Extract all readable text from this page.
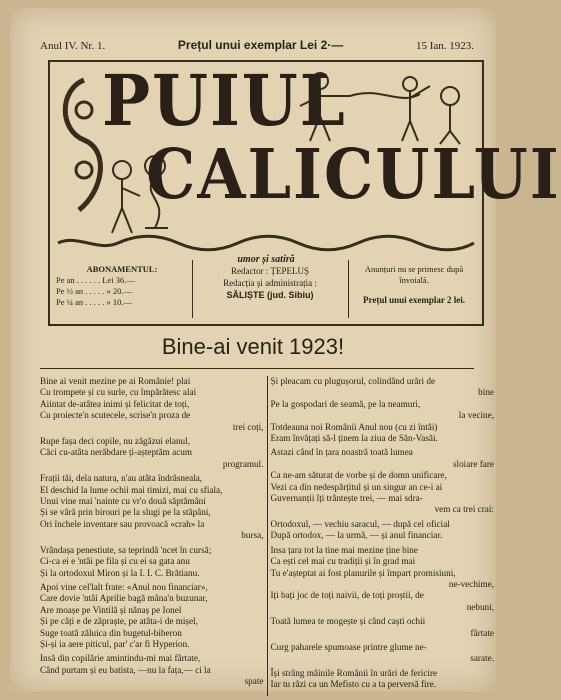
Anul IV. Nr. 1.	Prețul unui exemplar Lei 2·—	15 Ian. 1923.
PUIUL
CALICULUI
umor și satiră
ABONAMENTUL:
Pe an . . . . . . Lei 36.—
Pe ½ an . . . . . » 20.—
Pe ¼ an . . . . . » 10.—
Redactor : ȚEPELUȘ
Redacția și administrația :
SĂLIȘTE (jud. Sibiu)
Anunțuri nu se primesc după învoială.
Prețul unui exemplar 2 lei.
Bine-ai venit 1923!

Bine ai venit mezine pe ai Românie! plai
Cu trompete și cu surle, cu împărătesc alai
Aiintat de-atâtea inimi și felicitat de toți,
Cu proiecte'n scutecele, scrise'n proza de

trei coți,

Rupe fașa deci copile, nu zăgăzui elanul,
Căci cu-atâta nerăbdare ți-așteptăm acum

programul.

Frații tăi, dela natura, n'au atâta îndrăsneala,
El deschid la lume ochii mai timizi, mai cu sfiala,
Unui vine mai 'nainte cu vr'o două săptămâni
Și se vâră prin birouri pe la slugi pe la stăpâni,
Ori închele inventare sau provoacă «crah» la

bursa,

Vrândașa penestiute, sa teprindă 'ncet în cursă;
Ci-ca ei e 'ntâi pe fila și cu ei sa gata anu
Și la ortodoxul Miron și la I. I. C. Brătianu.

Apoi vine cel'lalt frate: «Anul nou financiar»,
Care dovie 'ntâi Aprilie bagă mâna'n buzunar,
Are moașe pe Vintilă și nănaș pe Ionel
Și pe câți e de zăpraște, pe atâta-i de mișel,
Suge toată zăluica din bugetul-biberon
Și-și ia aere piticul, par' c'ar fi Hyperion.

Insă din copilărie amintindu-mi mai fârtate,
Când purtam și eu batista, —nu la fața,— ci la

spate

Și pleacam cu plugușorul, colindând urări de

bine
Pe la gospodari de seamă, pe la neamuri,

la vecine,
Totdeauna noi Românii Anul nou (cu zi întâi)
Eram învățați să-l ținem la ziua de Săn-Vasăi.

Astazi când în țara noastră toată lumea

sloiare fare
Ca ne-am săturat de vorbe și de domn unificare,
Vezi ca din nedespărțitul și un singur an ce-i ai
Guvernanții îți trântește trei, — mai sdra-

vem ca trei crai:

Ortodoxul, — vechiu saracul, — după cel oficial
După ortodox, — la urmă, — și anul financiar.

Insa țara tot la tine mai mezine ține bine
Ca ești cel mai cu tradiții și în grad mai
Tu e'așteptat ai fost planurile și împart promisiuni,

ne-vechime,
Iți bați joc de toți naivii, de toți proștii, de

nebuni,

Toată lumea te mogește și când caști ochii

fârtate

Curg paharele spumoase printre glume ne-

sarate.

Își strâng mâinile Românii în urări de fericire
Iar tu râzi ca un Mefisto cu a ta perversă fire.
